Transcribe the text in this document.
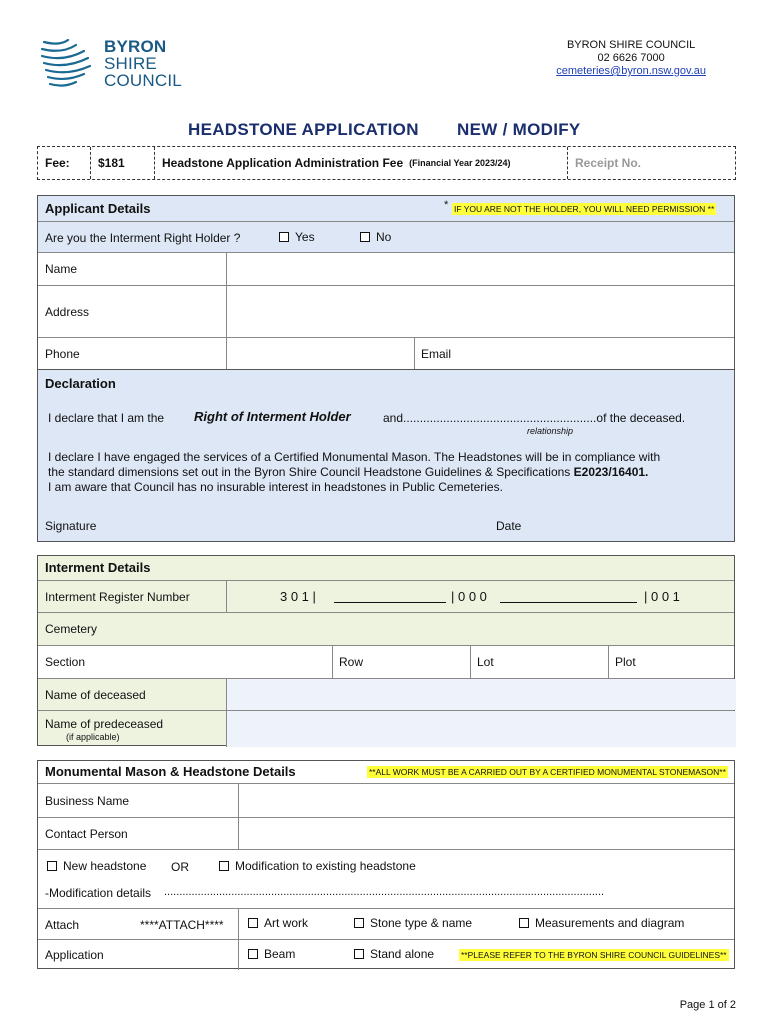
BYRON
SHIRE
COUNCIL
BYRON SHIRE COUNCIL
02 6626 7000
cemeteries@byron.nsw.gov.au
HEADSTONE APPLICATION NEW / MODIFY
Fee:	$181	Headstone Application Administration Fee (Financial Year 2023/24)	Receipt No.
Applicant Details	* IF YOU ARE NOT THE HOLDER, YOU WILL NEED PERMISSION **
Are you the Interment Right Holder ?	Yes	No
Name
Address
Phone	Email
Declaration
I declare that I am the Right of Interment Holder	and..........................................................of the deceased.
relationship
I declare I have engaged the services of a Certified Monumental Mason. The Headstones will be in compliance with
the standard dimensions set out in the Byron Shire Council Headstone Guidelines & Specifications E2023/16401.
I am aware that Council has no insurable interest in headstones in Public Cemeteries.
Signature	Date
Interment Details
Interment Register Number	3 0 1 |	| 0 0 0	| 0 0 1
Cemetery
Section	Row	Lot	Plot
Name of deceased
Name of predeceased
(if applicable)
Monumental Mason & Headstone Details	**ALL WORK MUST BE A CARRIED OUT BY A CERTIFIED MONUMENTAL STONEMASON**
Business Name
Contact Person
New headstone OR	Modification to existing headstone
-Modification details ................................................................................................................................................
Attach	****ATTACH****	Art work	Stone type & name	Measurements and diagram
Application	Beam	Stand alone	**PLEASE REFER TO THE BYRON SHIRE COUNCIL GUIDELINES**
Page 1 of 2
